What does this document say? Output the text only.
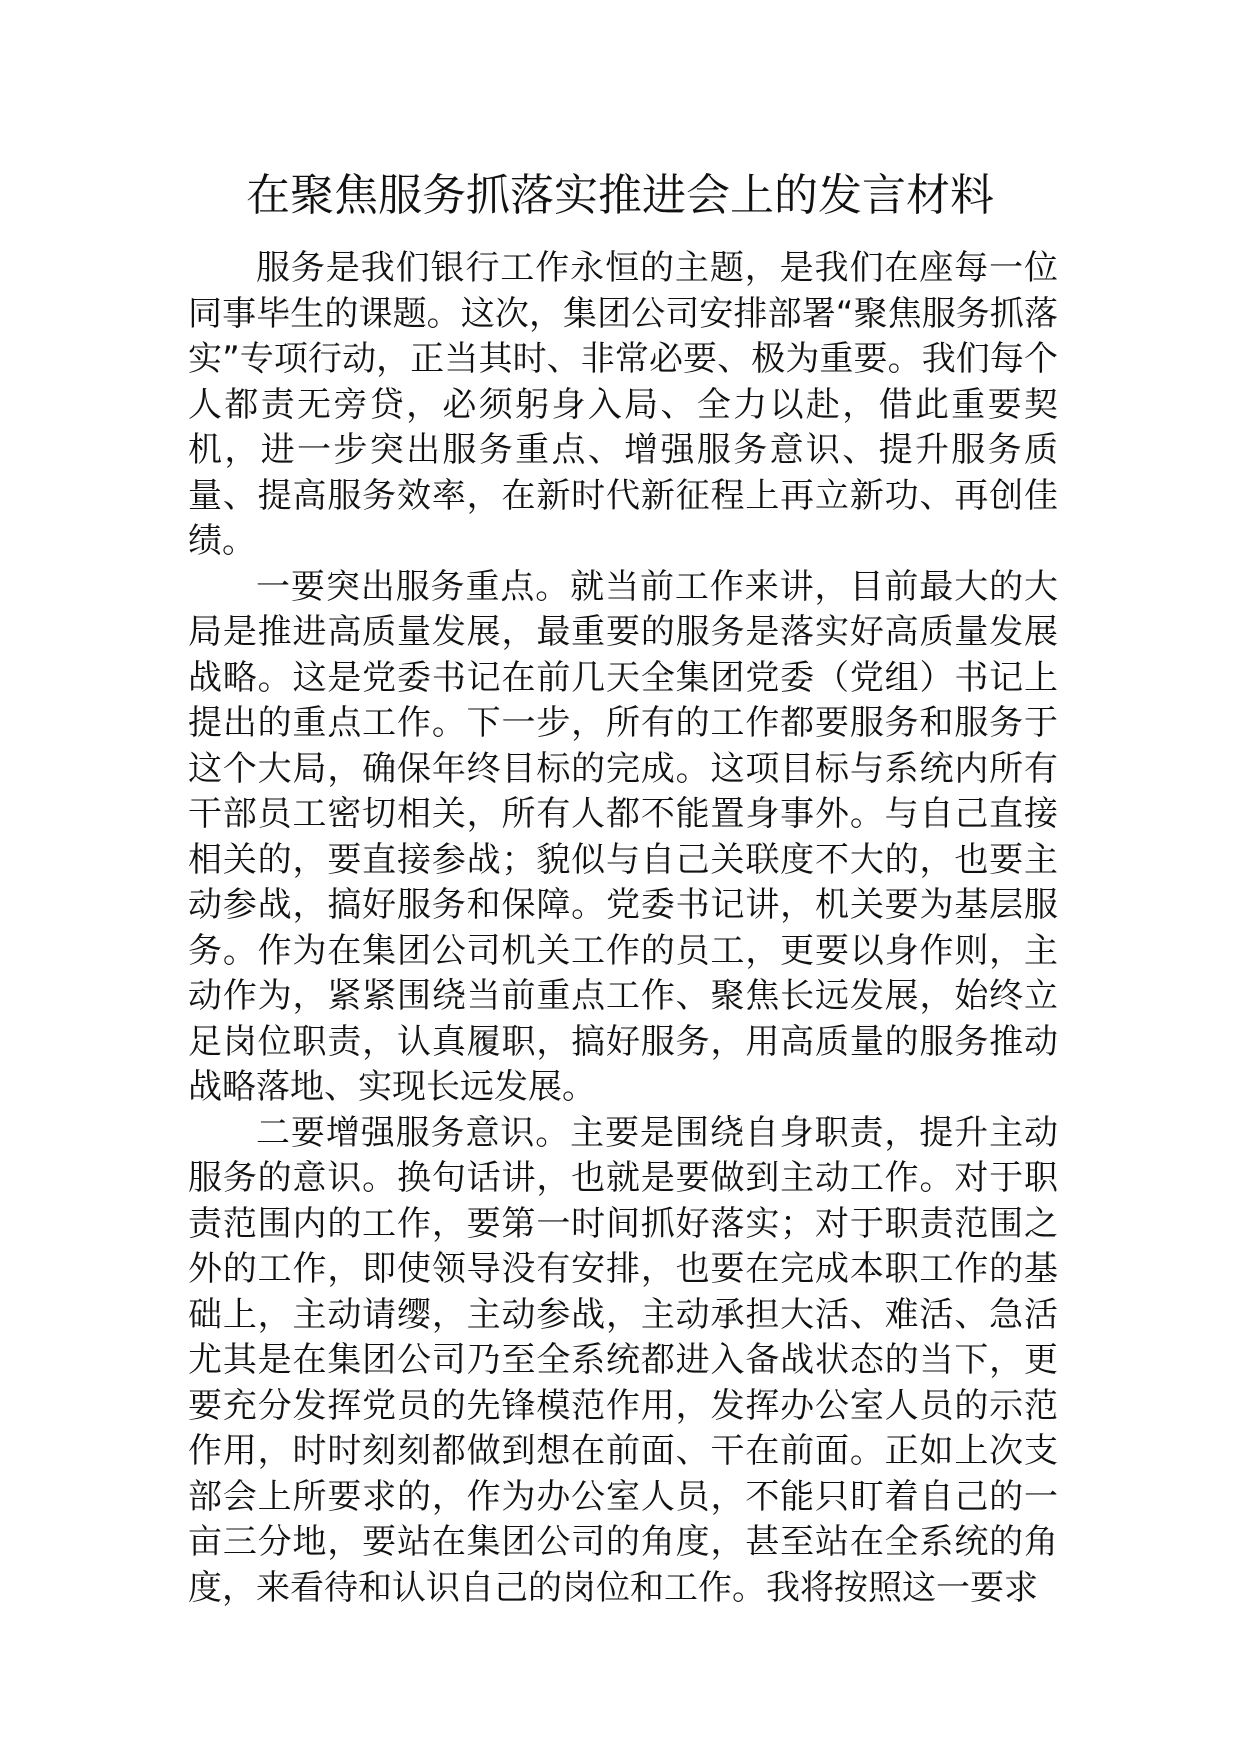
在聚焦服务抓落实推进会上的发言材料

服务是我们银行工作永恒的主题，是我们在座每一位同事毕生的课题。这次，集团公司安排部署“聚焦服务抓落实”专项行动，正当其时、非常必要、极为重要。我们每个人都责无旁贷，必须躬身入局、全力以赴，借此重要契机，进一步突出服务重点、增强服务意识、提升服务质量、提高服务效率，在新时代新征程上再立新功、再创佳绩。

一要突出服务重点。就当前工作来讲，目前最大的大局是推进高质量发展，最重要的服务是落实好高质量发展战略。这是党委书记在前几天全集团党委（党组）书记上提出的重点工作。下一步，所有的工作都要服务和服务于这个大局，确保年终目标的完成。这项目标与系统内所有干部员工密切相关，所有人都不能置身事外。与自己直接相关的，要直接参战；貌似与自己关联度不大的，也要主动参战，搞好服务和保障。党委书记讲，机关要为基层服务。作为在集团公司机关工作的员工，更要以身作则，主动作为，紧紧围绕当前重点工作、聚焦长远发展，始终立足岗位职责，认真履职，搞好服务，用高质量的服务推动战略落地、实现长远发展。

二要增强服务意识。主要是围绕自身职责，提升主动服务的意识。换句话讲，也就是要做到主动工作。对于职责范围内的工作，要第一时间抓好落实；对于职责范围之外的工作，即使领导没有安排，也要在完成本职工作的基础上，主动请缨，主动参战，主动承担大活、难活、急活尤其是在集团公司乃至全系统都进入备战状态的当下，更要充分发挥党员的先锋模范作用，发挥办公室人员的示范作用，时时刻刻都做到想在前面、干在前面。正如上次支部会上所要求的，作为办公室人员，不能只盯着自己的一亩三分地，要站在集团公司的角度，甚至站在全系统的角度，来看待和认识自己的岗位和工作。我将按照这一要求
